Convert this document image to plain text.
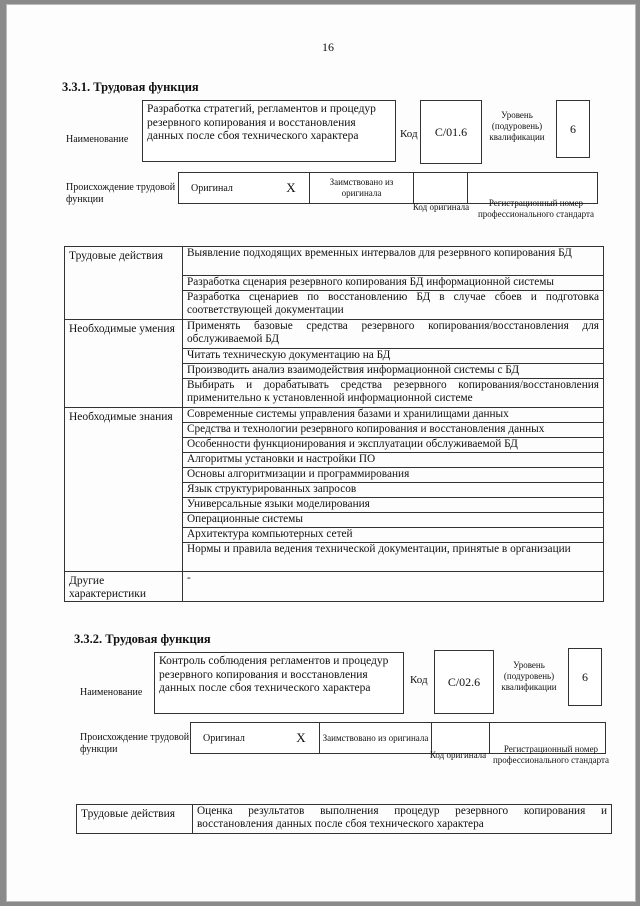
16
3.3.1. Трудовая функция
Наименование
Разработка стратегий, регламентов и процедур резервного копирования и восстановления данных после сбоя технического характера	Код	C/01.6
Уровень (подуровень) квалификации
6
Происхождение трудовой функции
Оригинал	X	Заимствовано из оригинала
Код оригинала	Регистрационный номер профессионального стандарта
Трудовые действия	Выявление подходящих временных интервалов для резервного копирования БД
	Разработка сценария резервного копирования БД информационной системы
	Разработка сценариев по восстановлению БД в случае сбоев и подготовка соответствующей документации
Необходимые умения	Применять базовые средства резервного копирования/восстановления для обслуживаемой БД
	Читать техническую документацию на БД
	Производить анализ взаимодействия информационной системы с БД
	Выбирать и дорабатывать средства резервного копирования/восстановления применительно к установленной информационной системе
Необходимые знания	Современные системы управления базами и хранилищами данных
	Средства и технологии резервного копирования и восстановления данных
	Особенности функционирования и эксплуатации обслуживаемой БД
	Алгоритмы установки и настройки ПО
	Основы алгоритмизации и программирования
	Язык структурированных запросов
	Универсальные языки моделирования
	Операционные системы
	Архитектура компьютерных сетей
	Нормы и правила ведения технической документации, принятые в организации
Другие характеристики	-
3.3.2. Трудовая функция
Наименование
Контроль соблюдения регламентов и процедур резервного копирования и восстановления данных после сбоя технического характера
Код	C/02.6
Уровень (подуровень) квалификации
6
Происхождение трудовой функции
Оригинал	X	Заимствовано из оригинала
Код оригинала
Регистрационный номер профессионального стандарта
Трудовые действия	Оценка результатов выполнения процедур резервного копирования и восстановления данных после сбоя технического характера
